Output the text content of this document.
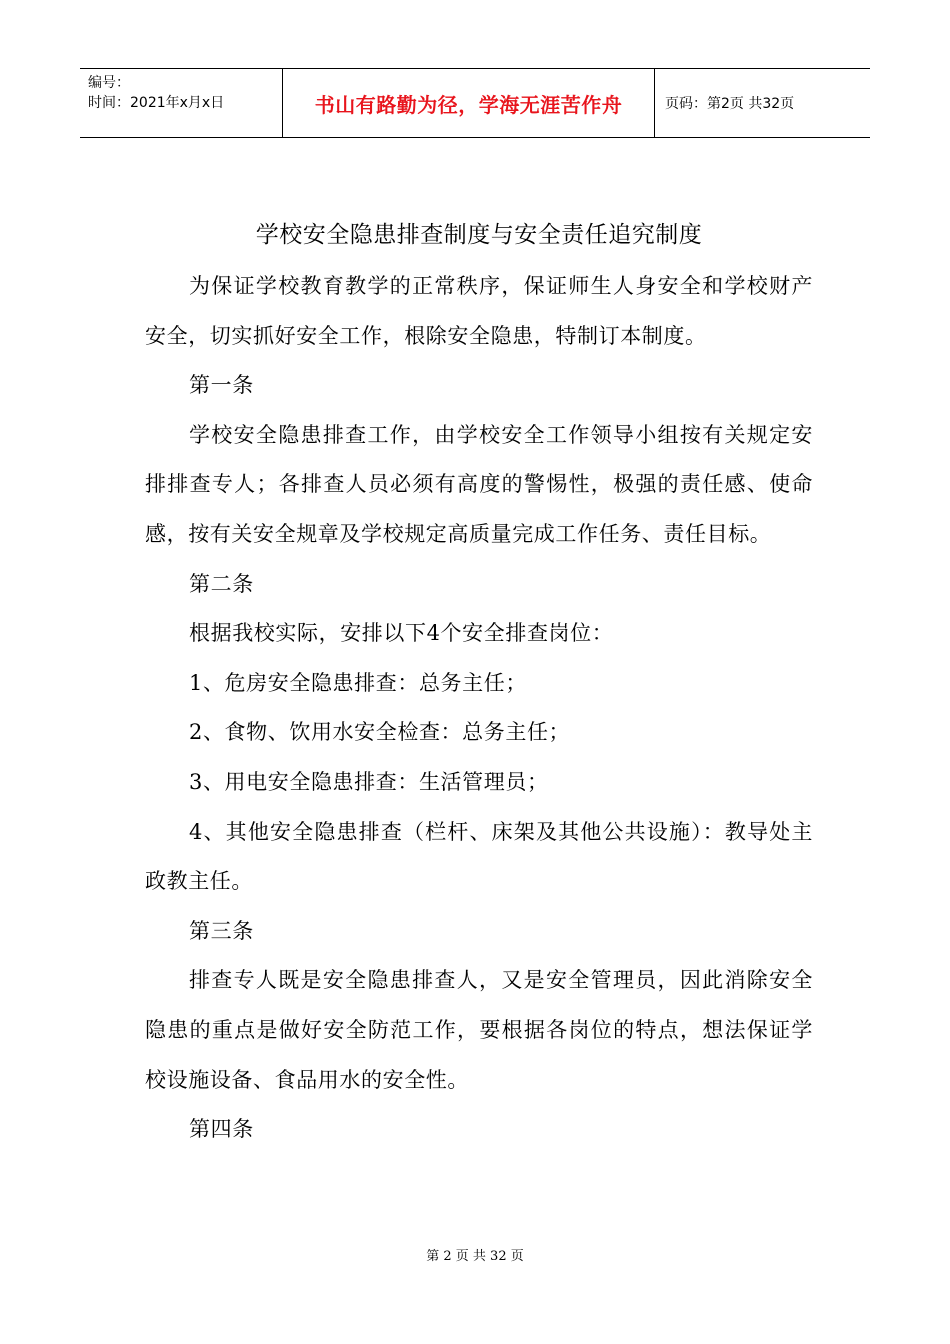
编号：
时间：2021年x月x日	书山有路勤为径，学海无涯苦作舟	页码：第2页 共32页
学校安全隐患排查制度与安全责任追究制度

为保证学校教育教学的正常秩序，保证师生人身安全和学校财产安全，切实抓好安全工作，根除安全隐患，特制订本制度。

第一条

学校安全隐患排查工作，由学校安全工作领导小组按有关规定安排排查专人；各排查人员必须有高度的警惕性，极强的责任感、使命感，按有关安全规章及学校规定高质量完成工作任务、责任目标。

第二条

根据我校实际，安排以下4个安全排查岗位：

1、危房安全隐患排查：总务主任；

2、食物、饮用水安全检查：总务主任；

3、用电安全隐患排查：生活管理员；

4、其他安全隐患排查（栏杆、床架及其他公共设施）：教导处主政教主任。

第三条

排查专人既是安全隐患排查人，又是安全管理员，因此消除安全隐患的重点是做好安全防范工作，要根据各岗位的特点，想法保证学校设施设备、食品用水的安全性。

第四条

第 2 页 共 32 页
